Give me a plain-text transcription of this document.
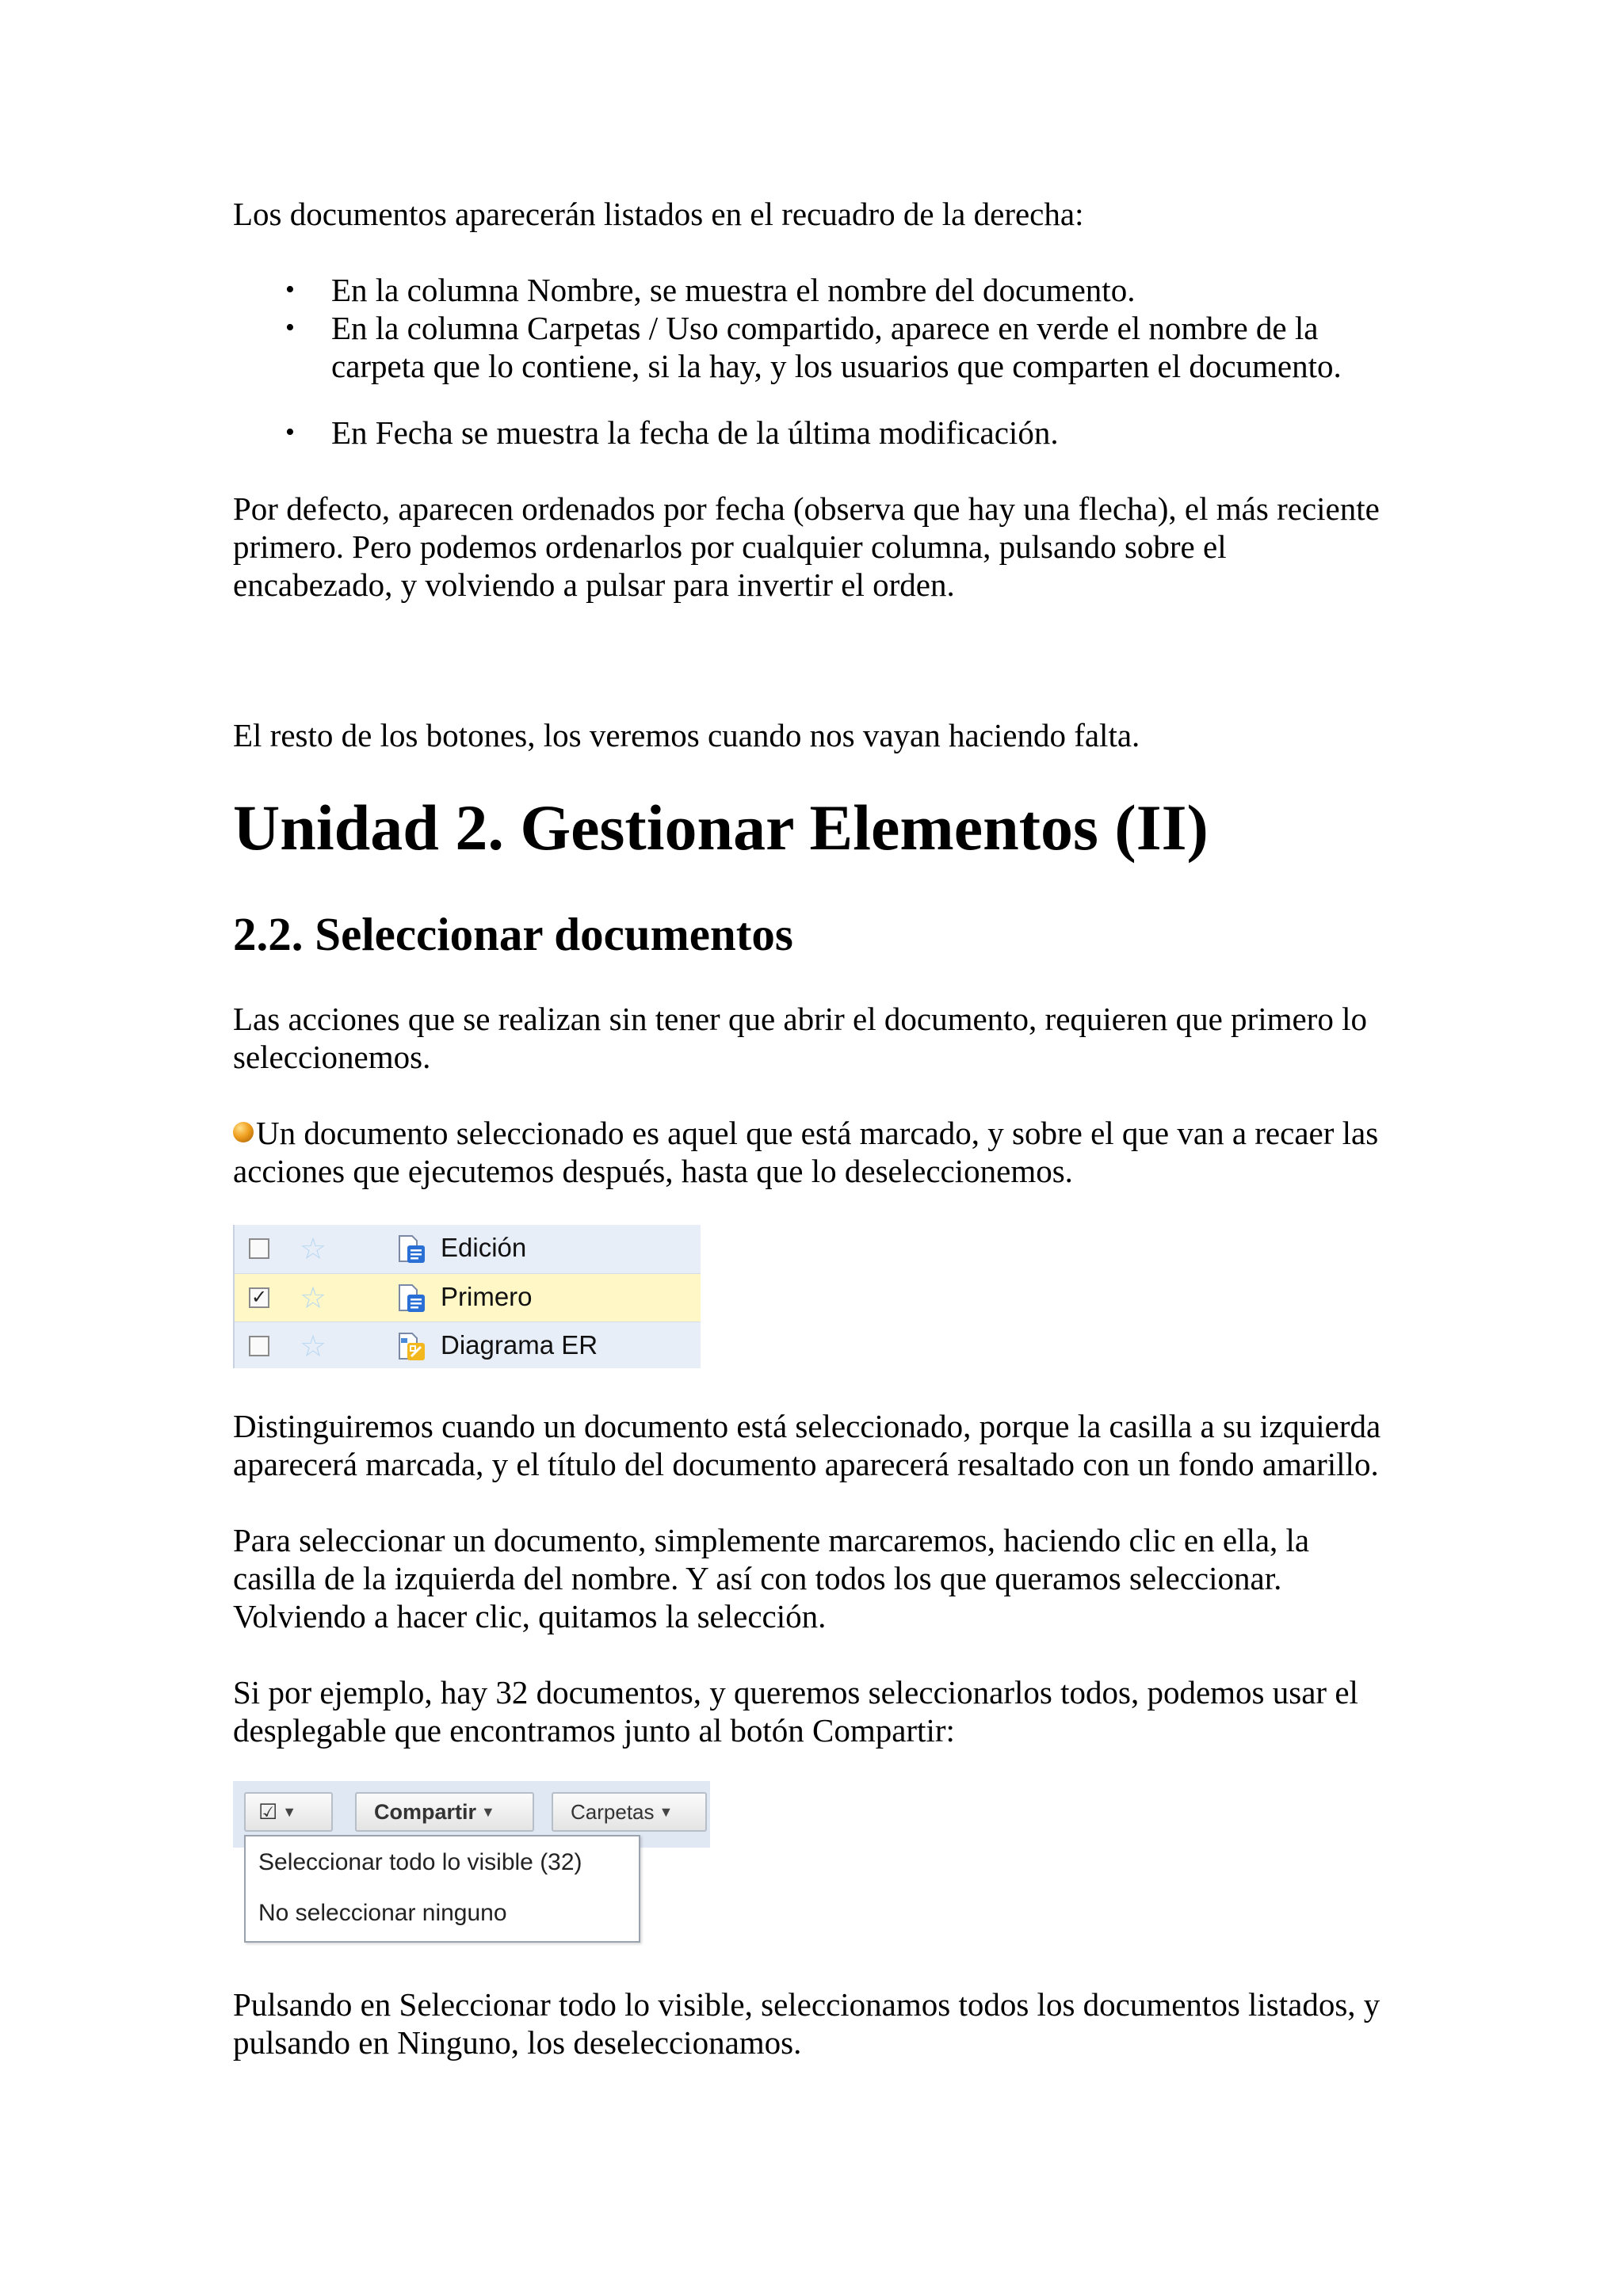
Los documentos aparecerán listados en el recuadro de la derecha:

• En la columna Nombre, se muestra el nombre del documento.
• En la columna Carpetas / Uso compartido, aparece en verde el nombre de la
carpeta que lo contiene, si la hay, y los usuarios que comparten el documento.
• En Fecha se muestra la fecha de la última modificación.

Por defecto, aparecen ordenados por fecha (observa que hay una flecha), el más reciente
primero. Pero podemos ordenarlos por cualquier columna, pulsando sobre el
encabezado, y volviendo a pulsar para invertir el orden.

El resto de los botones, los veremos cuando nos vayan haciendo falta.

Unidad 2. Gestionar Elementos (II)
2.2. Seleccionar documentos

Las acciones que se realizan sin tener que abrir el documento, requieren que primero lo
seleccionemos.

Un documento seleccionado es aquel que está marcado, y sobre el que van a recaer las
acciones que ejecutemos después, hasta que lo deseleccionemos.

☆	Edición
✓ ☆	Primero
☆	Diagrama ER

Distinguiremos cuando un documento está seleccionado, porque la casilla a su izquierda
aparecerá marcada, y el título del documento aparecerá resaltado con un fondo amarillo.

Para seleccionar un documento, simplemente marcaremos, haciendo clic en ella, la
casilla de la izquierda del nombre. Y así con todos los que queramos seleccionar.
Volviendo a hacer clic, quitamos la selección.

Si por ejemplo, hay 32 documentos, y queremos seleccionarlos todos, podemos usar el
desplegable que encontramos junto al botón Compartir:

☑ ▼	Compartir ▼	Carpetas ▼
Seleccionar todo lo visible (32)
No seleccionar ninguno

Pulsando en Seleccionar todo lo visible, seleccionamos todos los documentos listados, y
pulsando en Ninguno, los deseleccionamos.
